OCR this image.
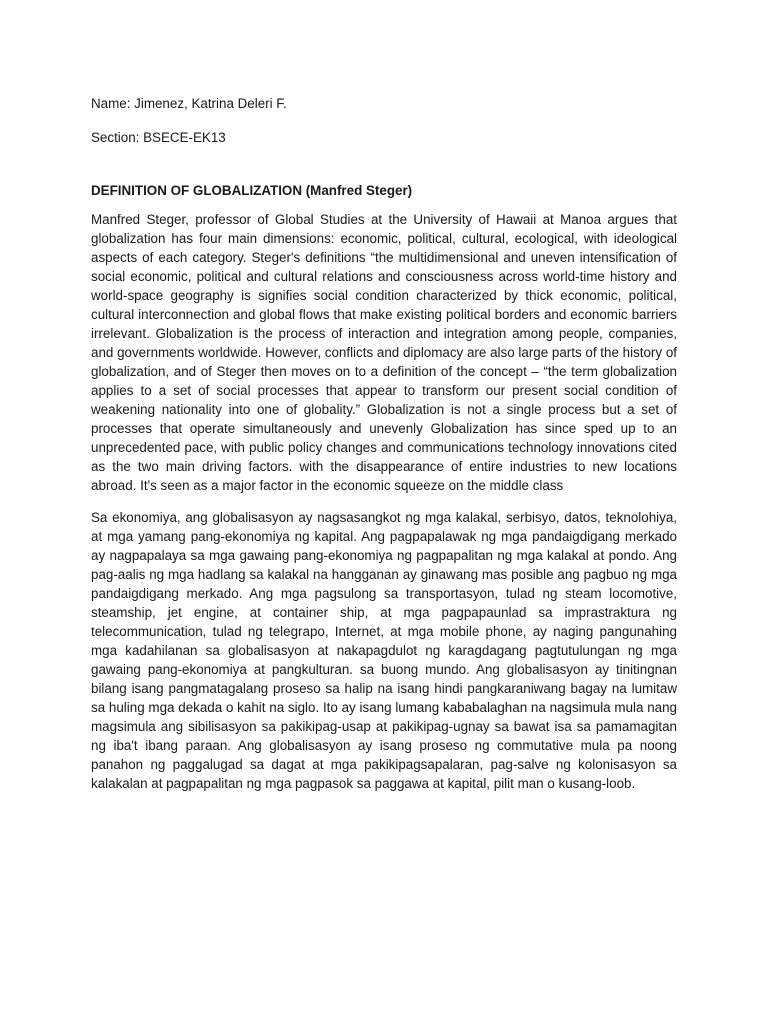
Name: Jimenez, Katrina Deleri F.

Section: BSECE-EK13

DEFINITION OF GLOBALIZATION (Manfred Steger)

Manfred Steger, professor of Global Studies at the University of Hawaii at Manoa argues that globalization has four main dimensions: economic, political, cultural, ecological, with ideological aspects of each category. Steger's definitions “the multidimensional and uneven intensification of social economic, political and cultural relations and consciousness across world-time history and world-space geography is signifies social condition characterized by thick economic, political, cultural interconnection and global flows that make existing political borders and economic barriers irrelevant. Globalization is the process of interaction and integration among people, companies, and governments worldwide. However, conflicts and diplomacy are also large parts of the history of globalization, and of Steger then moves on to a definition of the concept – “the term globalization applies to a set of social processes that appear to transform our present social condition of weakening nationality into one of globality.” Globalization is not a single process but a set of processes that operate simultaneously and unevenly Globalization has since sped up to an unprecedented pace, with public policy changes and communications technology innovations cited as the two main driving factors. with the disappearance of entire industries to new locations abroad. It's seen as a major factor in the economic squeeze on the middle class

Sa ekonomiya, ang globalisasyon ay nagsasangkot ng mga kalakal, serbisyo, datos, teknolohiya, at mga yamang pang-ekonomiya ng kapital. Ang pagpapalawak ng mga pandaigdigang merkado ay nagpapalaya sa mga gawaing pang-ekonomiya ng pagpapalitan ng mga kalakal at pondo. Ang pag-aalis ng mga hadlang sa kalakal na hangganan ay ginawang mas posible ang pagbuo ng mga pandaigdigang merkado. Ang mga pagsulong sa transportasyon, tulad ng steam locomotive, steamship, jet engine, at container ship, at mga pagpapaunlad sa imprastraktura ng telecommunication, tulad ng telegrapo, Internet, at mga mobile phone, ay naging pangunahing mga kadahilanan sa globalisasyon at nakapagdulot ng karagdagang pagtutulungan ng mga gawaing pang-ekonomiya at pangkulturan. sa buong mundo. Ang globalisasyon ay tinitingnan bilang isang pangmatagalang proseso sa halip na isang hindi pangkaraniwang bagay na lumitaw sa huling mga dekada o kahit na siglo. Ito ay isang lumang kababalaghan na nagsimula mula nang magsimula ang sibilisasyon sa pakikipag-usap at pakikipag-ugnay sa bawat isa sa pamamagitan ng iba't ibang paraan. Ang globalisasyon ay isang proseso ng commutative mula pa noong panahon ng paggalugad sa dagat at mga pakikipagsapalaran, pag-salve ng kolonisasyon sa kalakalan at pagpapalitan ng mga pagpasok sa paggawa at kapital, pilit man o kusang-loob.
